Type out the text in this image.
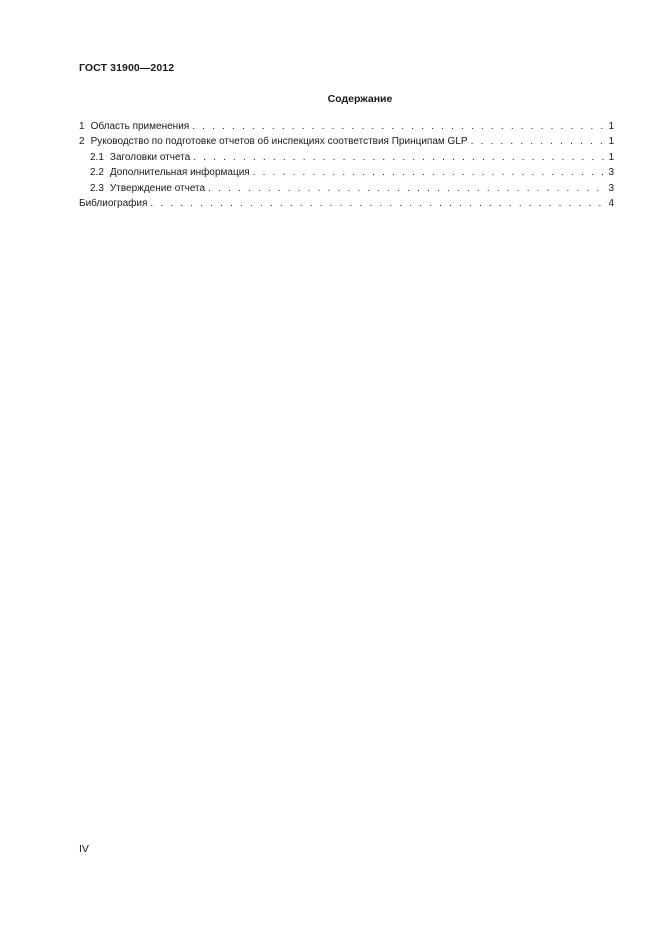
ГОСТ 31900—2012
Содержание
1 Область применения . . .	1
2 Руководство по подготовке отчетов об инспекциях соответствия Принципам GLP . . .	1
2.1 Заголовки отчета . . .	1
2.2 Дополнительная информация . . .	3
2.3 Утверждение отчета . . .	3
Библиография . . .	4
IV
